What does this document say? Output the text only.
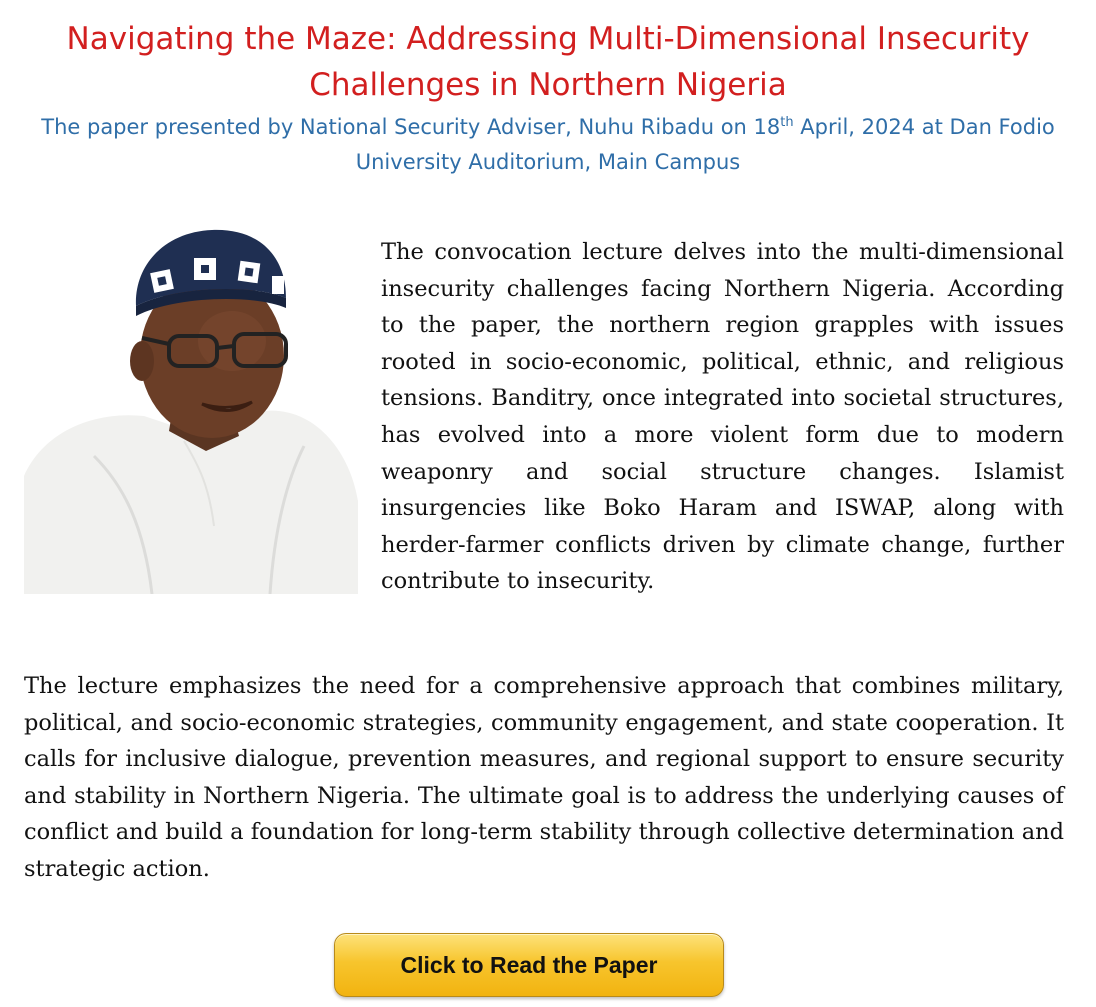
Navigating the Maze: Addressing Multi-Dimensional Insecurity Challenges in Northern Nigeria

The paper presented by National Security Adviser, Nuhu Ribadu on 18th April, 2024 at Dan Fodio University Auditorium, Main Campus

The convocation lecture delves into the multi-dimensional insecurity challenges facing Northern Nigeria. According to the paper, the northern region grapples with issues rooted in socio-economic, political, ethnic, and religious tensions. Banditry, once integrated into societal structures, has evolved into a more violent form due to modern weaponry and social structure changes. Islamist insurgencies like Boko Haram and ISWAP, along with herder-farmer conflicts driven by climate change, further contribute to insecurity.

The lecture emphasizes the need for a comprehensive approach that combines military, political, and socio-economic strategies, community engagement, and state cooperation. It calls for inclusive dialogue, prevention measures, and regional support to ensure security and stability in Northern Nigeria. The ultimate goal is to address the underlying causes of conflict and build a foundation for long-term stability through collective determination and strategic action.

Click to Read the Paper
